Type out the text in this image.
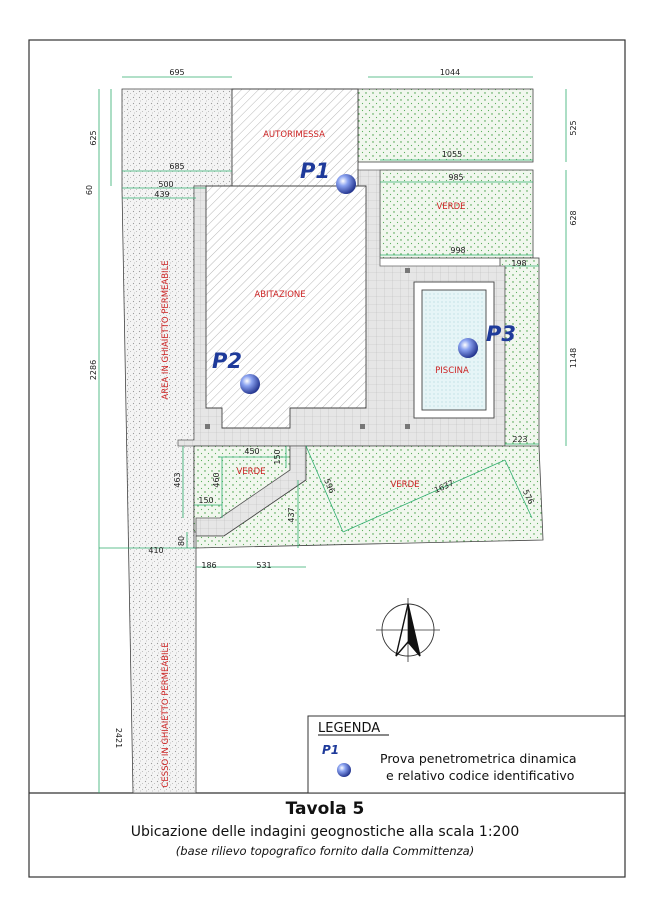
AUTORIMESSA
ABITAZIONE
PISCINA
VERDE
VERDE
VERDE
AREA IN GHIAIETTO PERMEABILE
CESSO IN GHIAIETTO PERMEABILE
695	1044
625
685
60
500
439
1055
985
525
628
998
198
2286
1148
223
450 150
460
463
150
596
437
1637
576
80
410
186	531
2421
P1
P2
P3
LEGENDA
P1
Prova penetrometrica dinamica
e relativo codice identificativo
Tavola 5
Ubicazione delle indagini geognostiche alla scala 1:200
(base rilievo topografico fornito dalla Committenza)
